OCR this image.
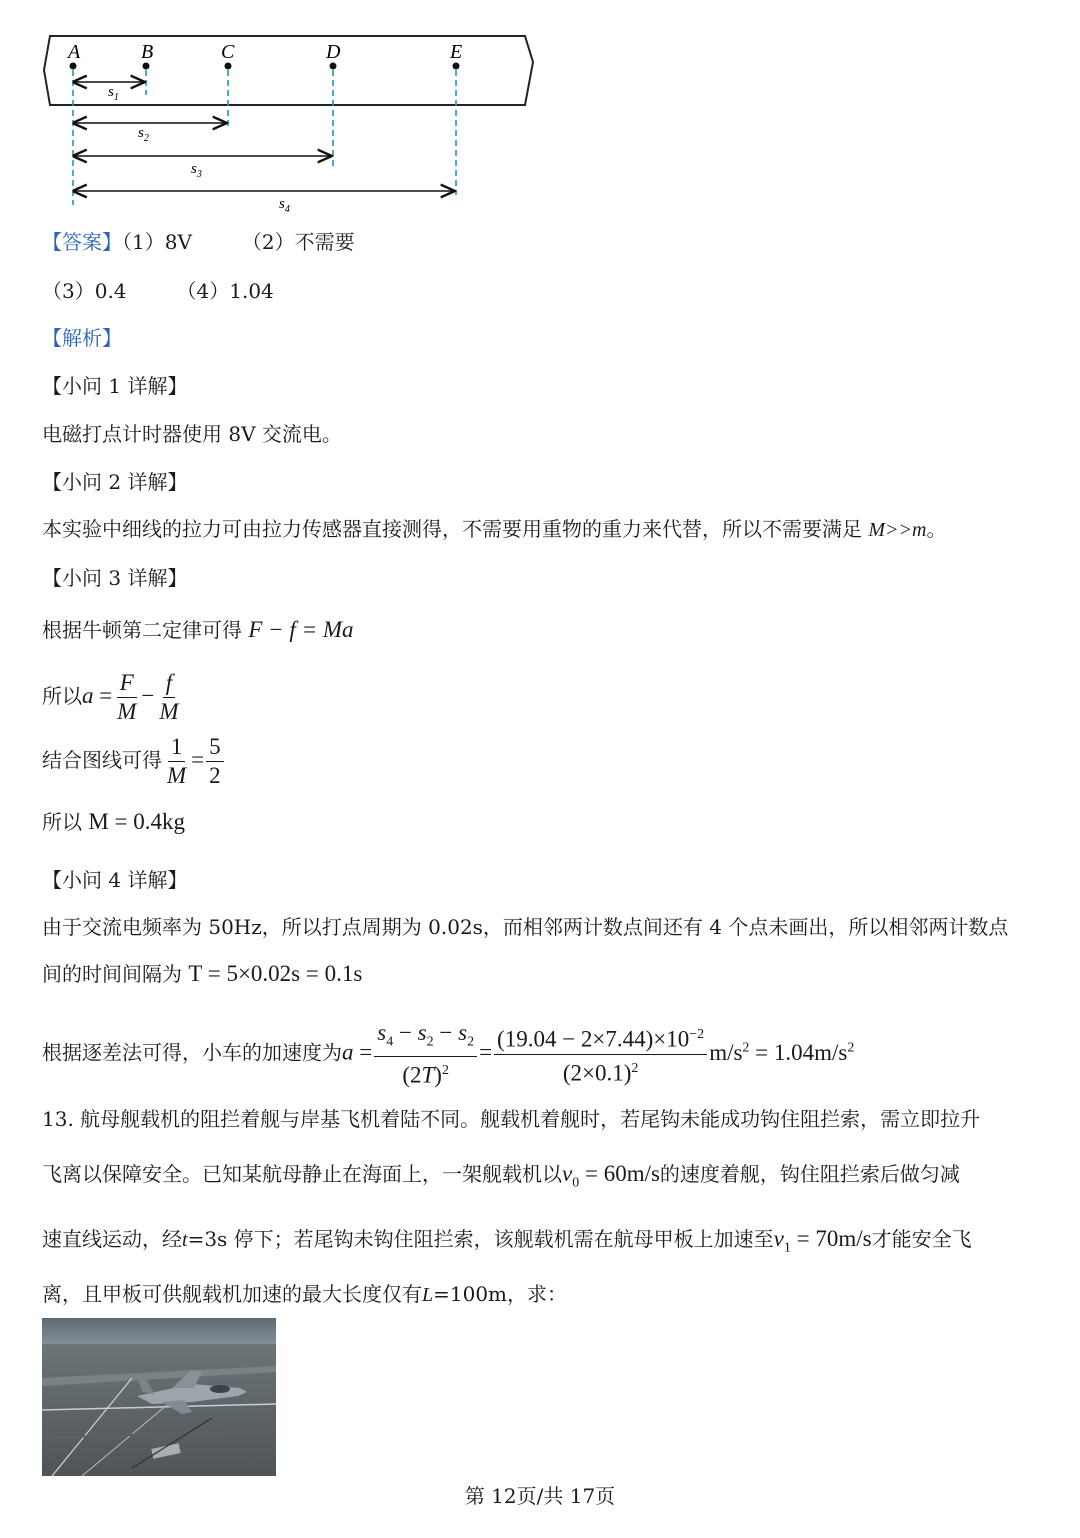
A	B	C	D	E
$s_1$
$s_2$
$s_3$
$s_4$
【答案】（1）8V	（2）不需要
（3）0.4	（4）1.04
【解析】
【小问 1 详解】
电磁打点计时器使用 8V 交流电。
【小问 2 详解】
本实验中细线的拉力可由拉力传感器直接测得，不需要用重物的重力来代替，所以不需要满足 M>>m。
【小问 3 详解】
根据牛顿第二定律可得 F − f = Ma
所以$a = \frac{F}{M} - \frac{f}{M}$
结合图线可得 $\frac{1}{M} = \frac{5}{2}$
所以 M = 0.4kg
【小问 4 详解】
由于交流电频率为 50Hz，所以打点周期为 0.02s，而相邻两计数点间还有 4 个点未画出，所以相邻两计数点
间的时间间隔为 T = 5×0.02s = 0.1s
根据逐差法可得，小车的加速度为$a = \frac{s_4 - s_2 - s_2}{(2T)^2} = \frac{(19.04 - 2\times 7.44)\times 10^{-2}}{(2\times 0.1)^2} m/s^2 = 1.04m/s^2$
13. 航母舰载机的阻拦着舰与岸基飞机着陆不同。舰载机着舰时，若尾钩未能成功钩住阻拦索，需立即拉升
飞离以保障安全。已知某航母静止在海面上，一架舰载机以$v_0 = 60m/s$的速度着舰，钩住阻拦索后做匀减
速直线运动，经t=3s 停下；若尾钩未钩住阻拦索，该舰载机需在航母甲板上加速至$v_1 = 70m/s$才能安全飞
离，且甲板可供舰载机加速的最大长度仅有L=100m，求：
第 12页/共 17页
